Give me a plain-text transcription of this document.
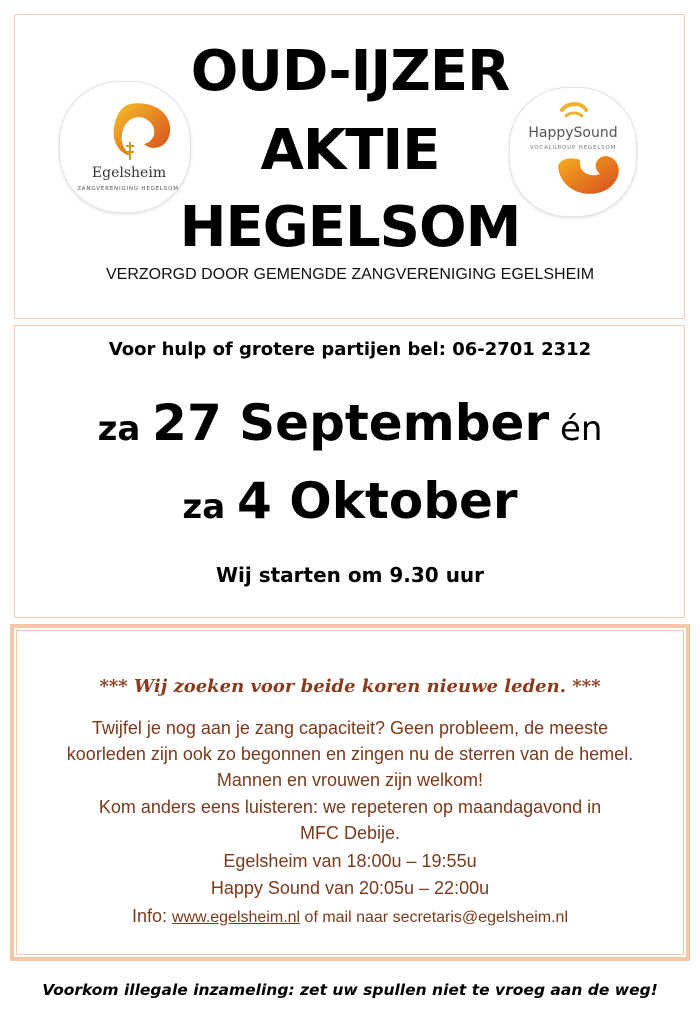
Egelsheim
ZANGVERENIGING HEGELSOM
HappySound
VOCALGROUP HEGELSOM
OUD-IJZER
AKTIE
HEGELSOM
VERZORGD DOOR GEMENGDE ZANGVERENIGING EGELSHEIM
Voor hulp of grotere partijen bel: 06-2701 2312
za 27 September én
za 4 Oktober
Wij starten om 9.30 uur
*** Wij zoeken voor beide koren nieuwe leden. ***
Twijfel je nog aan je zang capaciteit? Geen probleem, de meeste
koorleden zijn ook zo begonnen en zingen nu de sterren van de hemel.
Mannen en vrouwen zijn welkom!
Kom anders eens luisteren: we repeteren op maandagavond in
MFC Debije.
Egelsheim van 18:00u – 19:55u
Happy Sound van 20:05u – 22:00u
Info: www.egelsheim.nl of mail naar secretaris@egelsheim.nl
Voorkom illegale inzameling: zet uw spullen niet te vroeg aan de weg!
